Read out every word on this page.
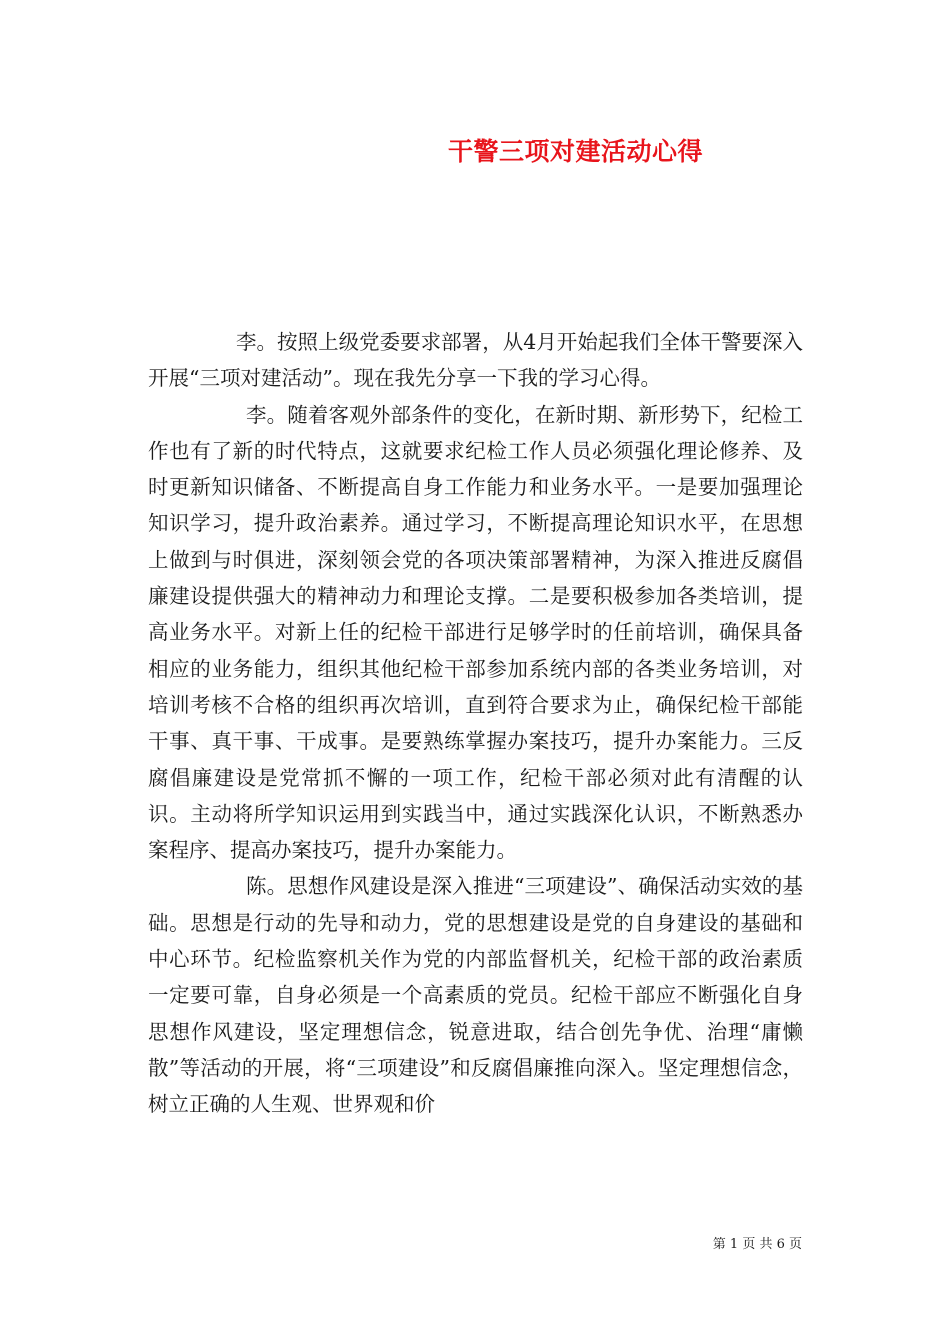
干警三项对建活动心得

李。按照上级党委要求部署，从4月开始起我们全体干警要深入开展“三项对建活动”。现在我先分享一下我的学习心得。

李。随着客观外部条件的变化，在新时期、新形势下，纪检工作也有了新的时代特点，这就要求纪检工作人员必须强化理论修养、及时更新知识储备、不断提高自身工作能力和业务水平。一是要加强理论知识学习，提升政治素养。通过学习，不断提高理论知识水平，在思想上做到与时俱进，深刻领会党的各项决策部署精神，为深入推进反腐倡廉建设提供强大的精神动力和理论支撑。二是要积极参加各类培训，提高业务水平。对新上任的纪检干部进行足够学时的任前培训，确保具备相应的业务能力，组织其他纪检干部参加系统内部的各类业务培训，对培训考核不合格的组织再次培训，直到符合要求为止，确保纪检干部能干事、真干事、干成事。是要熟练掌握办案技巧，提升办案能力。三反腐倡廉建设是党常抓不懈的一项工作，纪检干部必须对此有清醒的认识。主动将所学知识运用到实践当中，通过实践深化认识，不断熟悉办案程序、提高办案技巧，提升办案能力。

陈。思想作风建设是深入推进“三项建设”、确保活动实效的基础。思想是行动的先导和动力，党的思想建设是党的自身建设的基础和中心环节。纪检监察机关作为党的内部监督机关，纪检干部的政治素质一定要可靠，自身必须是一个高素质的党员。纪检干部应不断强化自身思想作风建设，坚定理想信念，锐意进取，结合创先争优、治理“庸懒散”等活动的开展，将“三项建设”和反腐倡廉推向深入。坚定理想信念，树立正确的人生观、世界观和价

第 1 页 共 6 页
